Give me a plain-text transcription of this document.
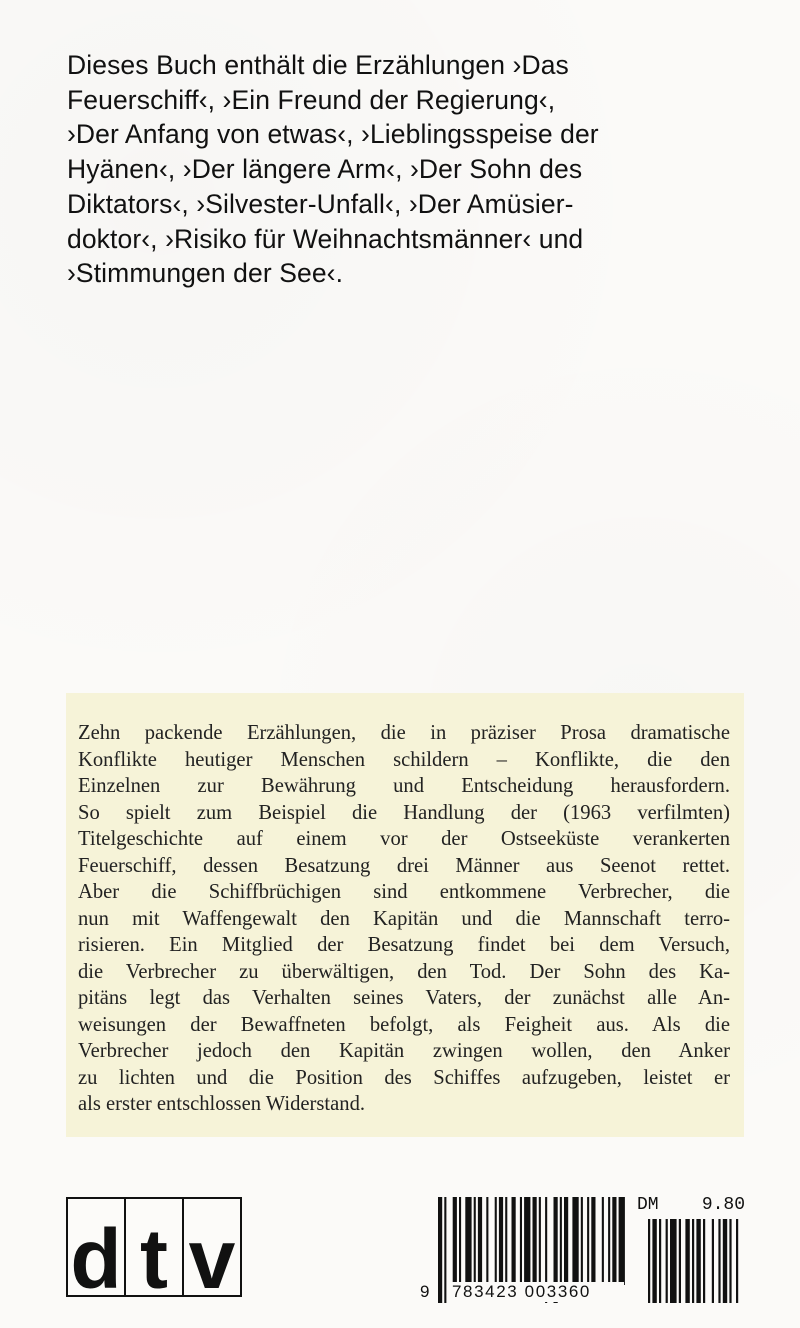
Dieses Buch enthält die Erzählungen ›Das
Feuerschiff‹, ›Ein Freund der Regierung‹,
›Der Anfang von etwas‹, ›Lieblingsspeise der
Hyänen‹, ›Der längere Arm‹, ›Der Sohn des
Diktators‹, ›Silvester-Unfall‹, ›Der Amüsier-
doktor‹, ›Risiko für Weihnachtsmänner‹ und
›Stimmungen der See‹.
Zehn packende Erzählungen, die in präziser Prosa dramatische
Konflikte heutiger Menschen schildern – Konflikte, die den
Einzelnen zur Bewährung und Entscheidung herausfordern.
So spielt zum Beispiel die Handlung der (1963 verfilmten)
Titelgeschichte auf einem vor der Ostseeküste verankerten
Feuerschiff, dessen Besatzung drei Männer aus Seenot rettet.
Aber die Schiffbrüchigen sind entkommene Verbrecher, die
nun mit Waffengewalt den Kapitän und die Mannschaft terro-
risieren. Ein Mitglied der Besatzung findet bei dem Versuch,
die Verbrecher zu überwältigen, den Tod. Der Sohn des Ka-
pitäns legt das Verhalten seines Vaters, der zunächst alle An-
weisungen der Bewaffneten befolgt, als Feigheit aus. Als die
Verbrecher jedoch den Kapitän zwingen wollen, den Anker
zu lichten und die Position des Schiffes aufzugeben, leistet er
als erster entschlossen Widerstand.
d t v
DM 9.80
9 783423 003360
